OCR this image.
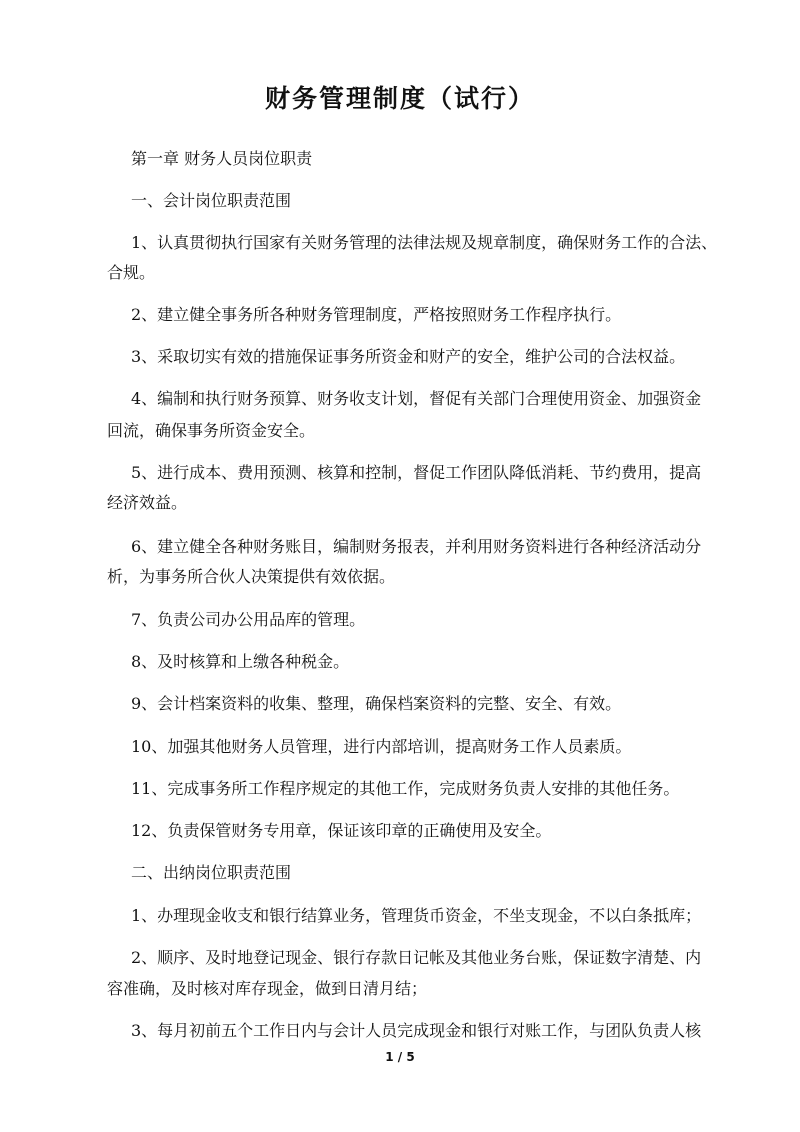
财务管理制度（试行）

第一章 财务人员岗位职责

一、会计岗位职责范围

1、认真贯彻执行国家有关财务管理的法律法规及规章制度，确保财务工作的合法、

合规。

2、建立健全事务所各种财务管理制度，严格按照财务工作程序执行。

3、采取切实有效的措施保证事务所资金和财产的安全，维护公司的合法权益。

4、编制和执行财务预算、财务收支计划，督促有关部门合理使用资金、加强资金

回流，确保事务所资金安全。

5、进行成本、费用预测、核算和控制，督促工作团队降低消耗、节约费用，提高

经济效益。

6、建立健全各种财务账目，编制财务报表，并利用财务资料进行各种经济活动分

析，为事务所合伙人决策提供有效依据。

7、负责公司办公用品库的管理。

8、及时核算和上缴各种税金。

9、会计档案资料的收集、整理，确保档案资料的完整、安全、有效。

10、加强其他财务人员管理，进行内部培训，提高财务工作人员素质。

11、完成事务所工作程序规定的其他工作，完成财务负责人安排的其他任务。

12、负责保管财务专用章，保证该印章的正确使用及安全。

二、出纳岗位职责范围

1、办理现金收支和银行结算业务，管理货币资金，不坐支现金，不以白条抵库；

2、顺序、及时地登记现金、银行存款日记帐及其他业务台账，保证数字清楚、内

容准确，及时核对库存现金，做到日清月结；

3、每月初前五个工作日内与会计人员完成现金和银行对账工作，与团队负责人核

1 / 5
